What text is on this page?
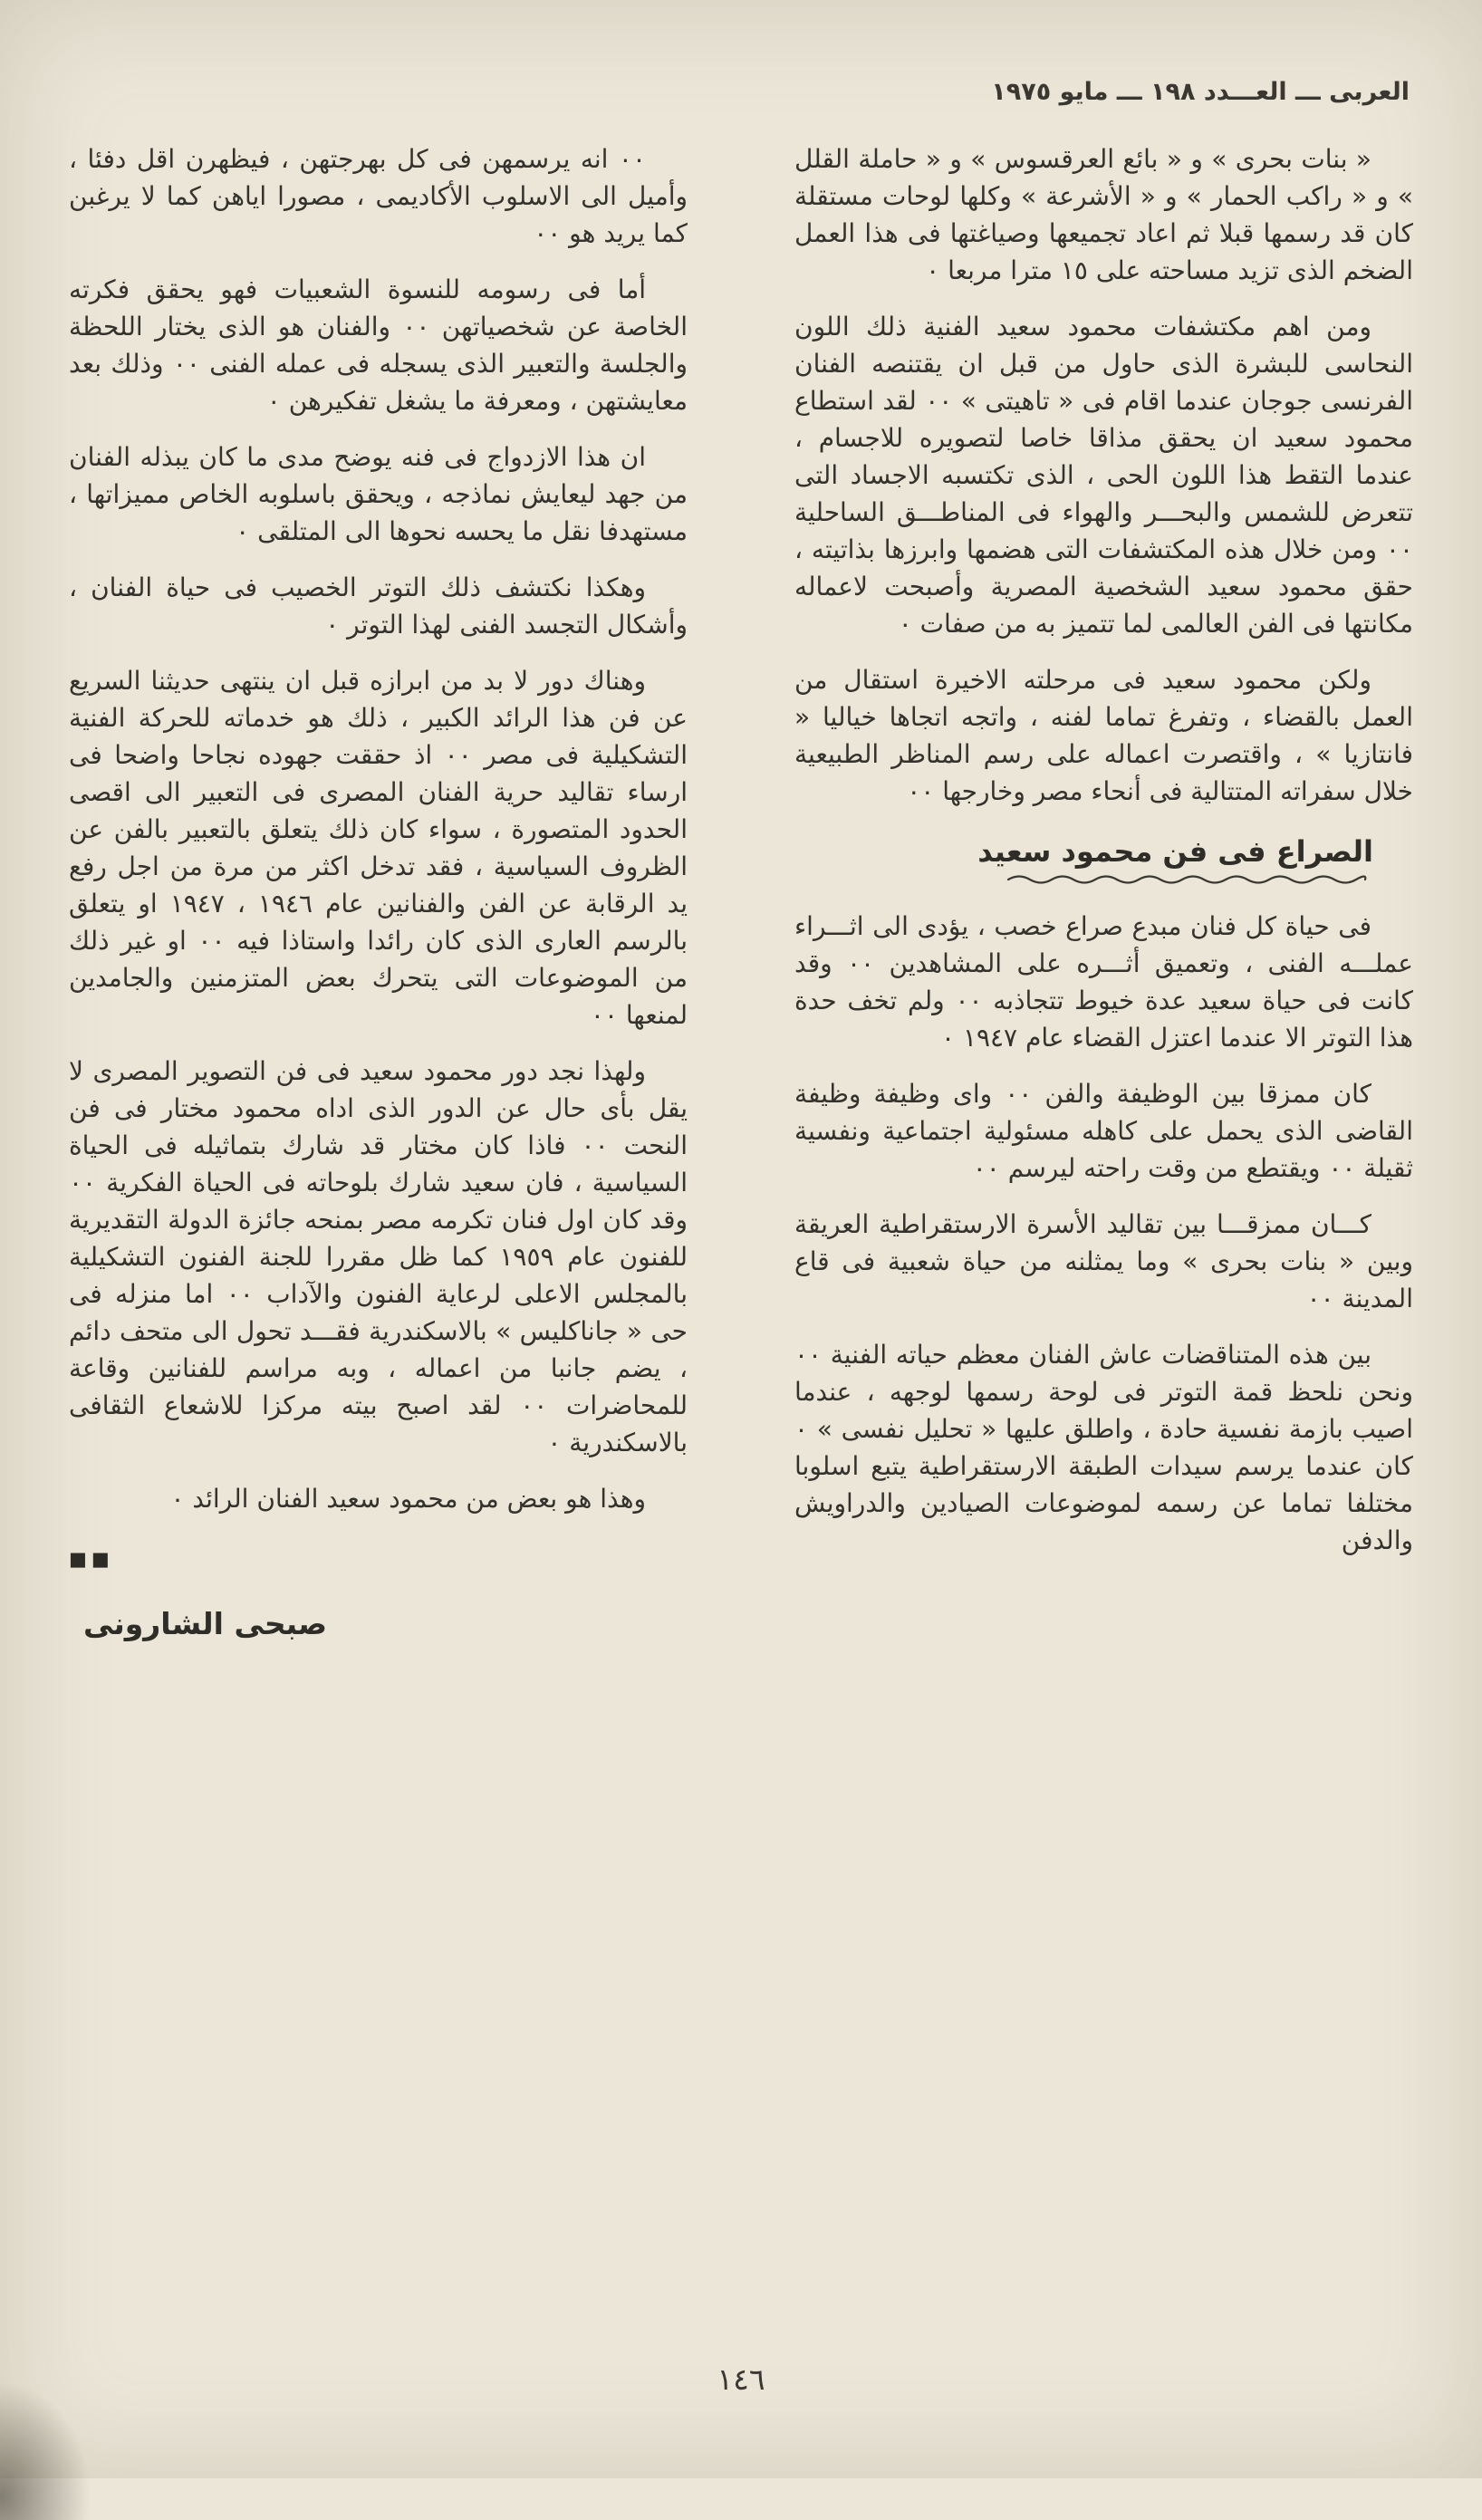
العربى ـــ العـــدد ١٩٨ ـــ مايو ١٩٧٥

« بنات بحرى » و « بائع العرقسوس » و « حاملة القلل » و « راكب الحمار » و « الأشرعة » وكلها لوحات مستقلة كان قد رسمها قبلا ثم اعاد تجميعها وصياغتها فى هذا العمل الضخم الذى تزيد مساحته على ١٥ مترا مربعا ٠

ومن اهم مكتشفات محمود سعيد الفنية ذلك اللون النحاسى للبشرة الذى حاول من قبل ان يقتنصه الفنان الفرنسى جوجان عندما اقام فى « تاهيتى » ٠٠ لقد استطاع محمود سعيد ان يحقق مذاقا خاصا لتصويره للاجسام ، عندما التقط هذا اللون الحى ، الذى تكتسبه الاجساد التى تتعرض للشمس والبحـــر والهواء فى المناطـــق الساحلية ٠٠ ومن خلال هذه المكتشفات التى هضمها وابرزها بذاتيته ، حقق محمود سعيد الشخصية المصرية وأصبحت لاعماله مكانتها فى الفن العالمى لما تتميز به من صفات ٠

ولكن محمود سعيد فى مرحلته الاخيرة استقال من العمل بالقضاء ، وتفرغ تماما لفنه ، واتجه اتجاها خياليا « فانتازيا » ، واقتصرت اعماله على رسم المناظر الطبيعية خلال سفراته المتتالية فى أنحاء مصر وخارجها ٠٠

الصراع فى فن محمود سعيد

فى حياة كل فنان مبدع صراع خصب ، يؤدى الى اثـــراء عملـــه الفنى ، وتعميق أثـــره على المشاهدين ٠٠ وقد كانت فى حياة سعيد عدة خيوط تتجاذبه ٠٠ ولم تخف حدة هذا التوتر الا عندما اعتزل القضاء عام ١٩٤٧ ٠

كان ممزقا بين الوظيفة والفن ٠٠ واى وظيفة وظيفة القاضى الذى يحمل على كاهله مسئولية اجتماعية ونفسية ثقيلة ٠٠ ويقتطع من وقت راحته ليرسم ٠٠

كـــان ممزقـــا بين تقاليد الأسرة الارستقراطية العريقة وبين « بنات بحرى » وما يمثلنه من حياة شعبية فى قاع المدينة ٠٠

بين هذه المتناقضات عاش الفنان معظم حياته الفنية ٠٠ ونحن نلحظ قمة التوتر فى لوحة رسمها لوجهه ، عندما اصيب بازمة نفسية حادة ، واطلق عليها « تحليل نفسى » ٠ كان عندما يرسم سيدات الطبقة الارستقراطية يتبع اسلوبا مختلفا تماما عن رسمه لموضوعات الصيادين والدراويش والدفن

٠٠ انه يرسمهن فى كل بهرجتهن ، فيظهرن اقل دفئا ، وأميل الى الاسلوب الأكاديمى ، مصورا اياهن كما لا يرغبن كما يريد هو ٠٠

أما فى رسومه للنسوة الشعبيات فهو يحقق فكرته الخاصة عن شخصياتهن ٠٠ والفنان هو الذى يختار اللحظة والجلسة والتعبير الذى يسجله فى عمله الفنى ٠٠ وذلك بعد معايشتهن ، ومعرفة ما يشغل تفكيرهن ٠

ان هذا الازدواج فى فنه يوضح مدى ما كان يبذله الفنان من جهد ليعايش نماذجه ، ويحقق باسلوبه الخاص مميزاتها ، مستهدفا نقل ما يحسه نحوها الى المتلقى ٠

وهكذا نكتشف ذلك التوتر الخصيب فى حياة الفنان ، وأشكال التجسد الفنى لهذا التوتر ٠

وهناك دور لا بد من ابرازه قبل ان ينتهى حديثنا السريع عن فن هذا الرائد الكبير ، ذلك هو خدماته للحركة الفنية التشكيلية فى مصر ٠٠ اذ حققت جهوده نجاحا واضحا فى ارساء تقاليد حرية الفنان المصرى فى التعبير الى اقصى الحدود المتصورة ، سواء كان ذلك يتعلق بالتعبير بالفن عن الظروف السياسية ، فقد تدخل اكثر من مرة من اجل رفع يد الرقابة عن الفن والفنانين عام ١٩٤٦ ، ١٩٤٧ او يتعلق بالرسم العارى الذى كان رائدا واستاذا فيه ٠٠ او غير ذلك من الموضوعات التى يتحرك بعض المتزمنين والجامدين لمنعها ٠٠

ولهذا نجد دور محمود سعيد فى فن التصوير المصرى لا يقل بأى حال عن الدور الذى اداه محمود مختار فى فن النحت ٠٠ فاذا كان مختار قد شارك بتماثيله فى الحياة السياسية ، فان سعيد شارك بلوحاته فى الحياة الفكرية ٠٠ وقد كان اول فنان تكرمه مصر بمنحه جائزة الدولة التقديرية للفنون عام ١٩٥٩ كما ظل مقررا للجنة الفنون التشكيلية بالمجلس الاعلى لرعاية الفنون والآداب ٠٠ اما منزله فى حى « جاناكليس » بالاسكندرية فقـــد تحول الى متحف دائم ، يضم جانبا من اعماله ، وبه مراسم للفنانين وقاعة للمحاضرات ٠٠ لقد اصبح بيته مركزا للاشعاع الثقافى بالاسكندرية ٠

وهذا هو بعض من محمود سعيد الفنان الرائد ٠

■■
صبحى الشارونى
١٤٦
